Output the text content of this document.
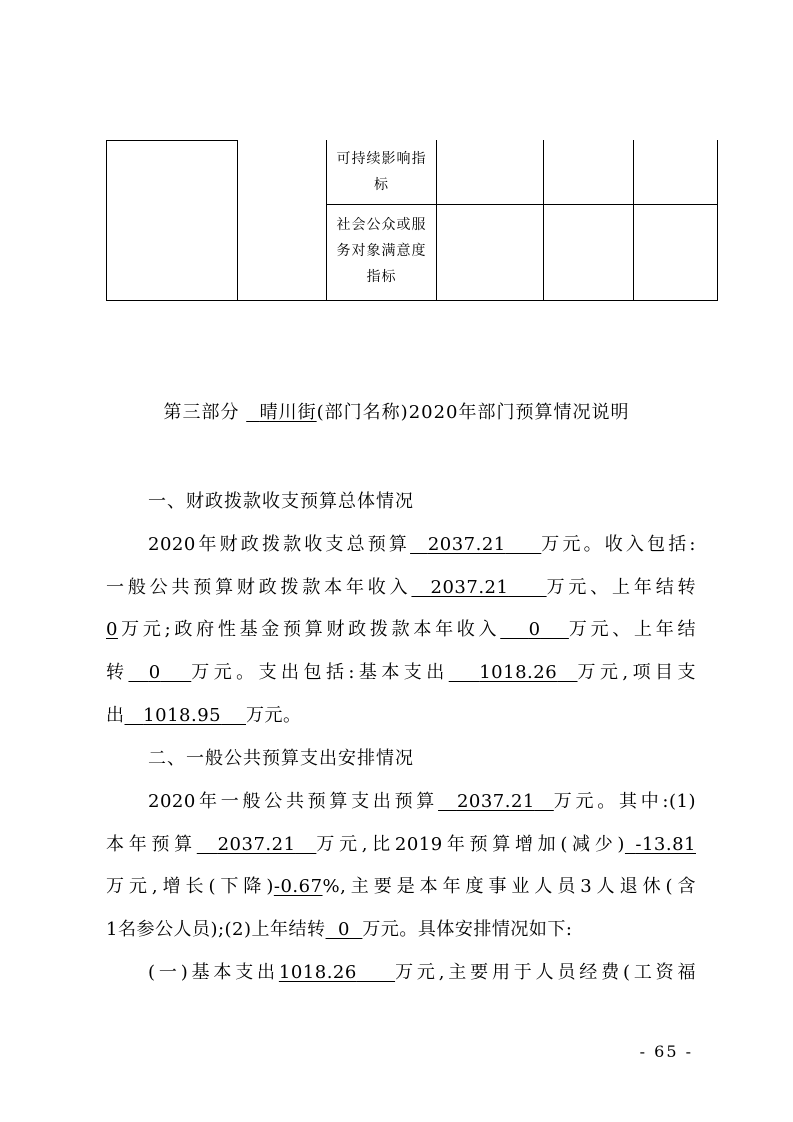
可持续影响指
标
社会公众或服
务对象满意度
指标
第三部分 晴川街(部门名称)2020年部门预算情况说明
一、财政拨款收支预算总体情况
2020年财政拨款收支总预算 2037.21 万元。收入包括:
一般公共预算财政拨款本年收入 2037.21 万元、上年结转
0万元;政府性基金预算财政拨款本年收入 0 万元、上年结
转 0 万元。支出包括:基本支出 1018.26 万元,项目支
出 1018.95 万元。
二、一般公共预算支出安排情况
2020年一般公共预算支出预算 2037.21 万元。其中:(1)
本年预算 2037.21 万元,比2019年预算增加(减少) -13.81
万元,增长(下降)-0.67%,主要是本年度事业人员3人退休(含
1名参公人员);(2)上年结转 0 万元。具体安排情况如下:
(一)基本支出1018.26 万元,主要用于人员经费(工资福
- 65 -
